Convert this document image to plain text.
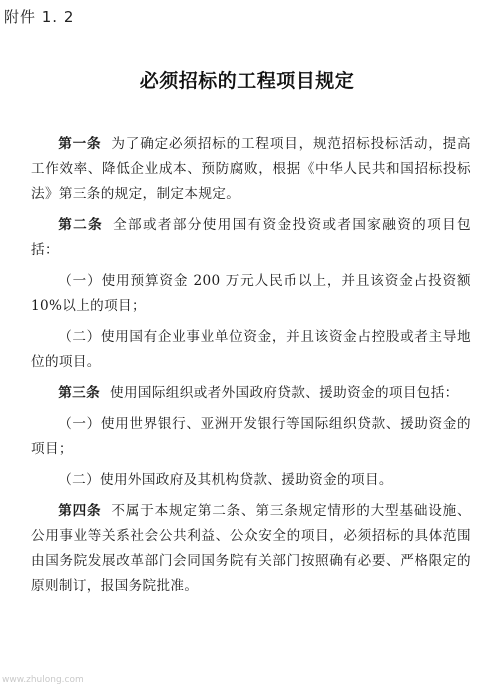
附件 1. 2
必须招标的工程项目规定

第一条 为了确定必须招标的工程项目，规范招标投标活动，提高工作效率、降低企业成本、预防腐败，根据《中华人民共和国招标投标法》第三条的规定，制定本规定。

第二条 全部或者部分使用国有资金投资或者国家融资的项目包括：

（一）使用预算资金 200 万元人民币以上，并且该资金占投资额 10%以上的项目；

（二）使用国有企业事业单位资金，并且该资金占控股或者主导地位的项目。

第三条 使用国际组织或者外国政府贷款、援助资金的项目包括：

（一）使用世界银行、亚洲开发银行等国际组织贷款、援助资金的项目；

（二）使用外国政府及其机构贷款、援助资金的项目。

第四条 不属于本规定第二条、第三条规定情形的大型基础设施、公用事业等关系社会公共利益、公众安全的项目，必须招标的具体范围由国务院发展改革部门会同国务院有关部门按照确有必要、严格限定的原则制订，报国务院批准。

www.zhulong.com
